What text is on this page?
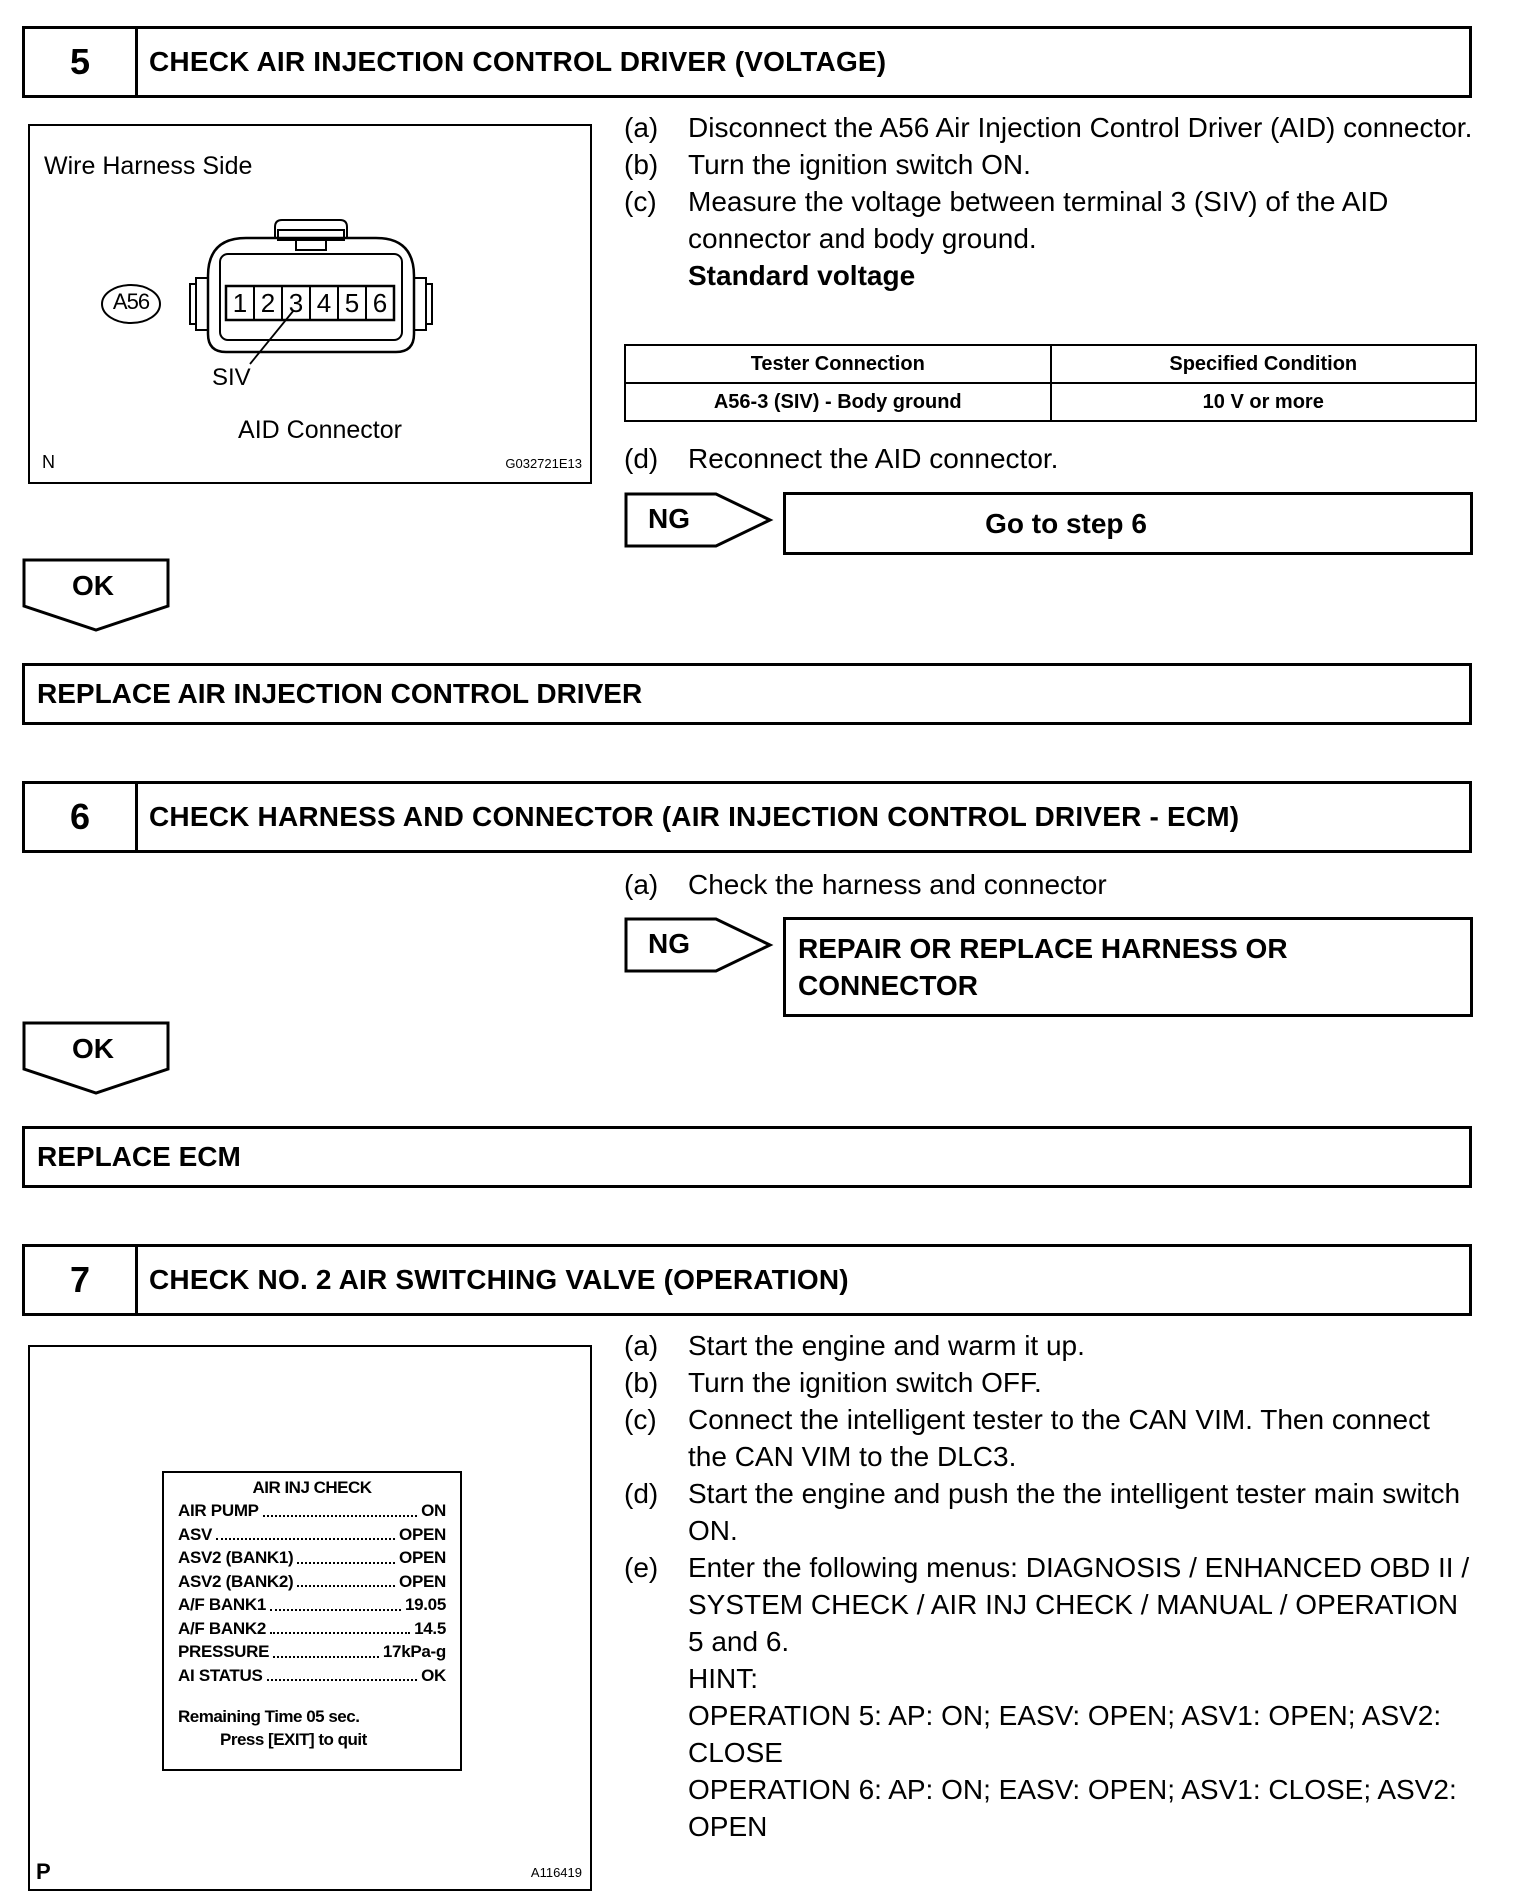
5	CHECK AIR INJECTION CONTROL DRIVER (VOLTAGE)
Wire Harness Side
A56	1 2 3 4 5 6
SIV
AID Connector
N	G032721E13
(a)	Disconnect the A56 Air Injection Control Driver (AID) connector.
(b)	Turn the ignition switch ON.
(c)	Measure the voltage between terminal 3 (SIV) of the AID connector and body ground.
Standard voltage
Tester Connection	Specified Condition
A56-3 (SIV) - Body ground	10 V or more
(d)	Reconnect the AID connector.
NG	Go to step 6
OK
REPLACE AIR INJECTION CONTROL DRIVER
6	CHECK HARNESS AND CONNECTOR (AIR INJECTION CONTROL DRIVER - ECM)
(a)	Check the harness and connector
NG	REPAIR OR REPLACE HARNESS OR
CONNECTOR
OK
REPLACE ECM
7	CHECK NO. 2 AIR SWITCHING VALVE (OPERATION)
AIR INJ CHECK
AIR PUMP	ON
ASV	OPEN
ASV2 (BANK1)	OPEN
ASV2 (BANK2)	OPEN
A/F BANK1	19.05
A/F BANK2	14.5
PRESSURE	17kPa-g
AI STATUS	OK
Remaining Time 05 sec.
Press [EXIT] to quit
P	A116419
(a)	Start the engine and warm it up.
(b)	Turn the ignition switch OFF.
(c)	Connect the intelligent tester to the CAN VIM. Then connect the CAN VIM to the DLC3.
(d)	Start the engine and push the the intelligent tester main switch ON.
(e)	Enter the following menus: DIAGNOSIS / ENHANCED OBD II / SYSTEM CHECK / AIR INJ CHECK / MANUAL / OPERATION 5 and 6.
HINT:
OPERATION 5: AP: ON; EASV: OPEN; ASV1: OPEN; ASV2: CLOSE
OPERATION 6: AP: ON; EASV: OPEN; ASV1: CLOSE; ASV2: OPEN
